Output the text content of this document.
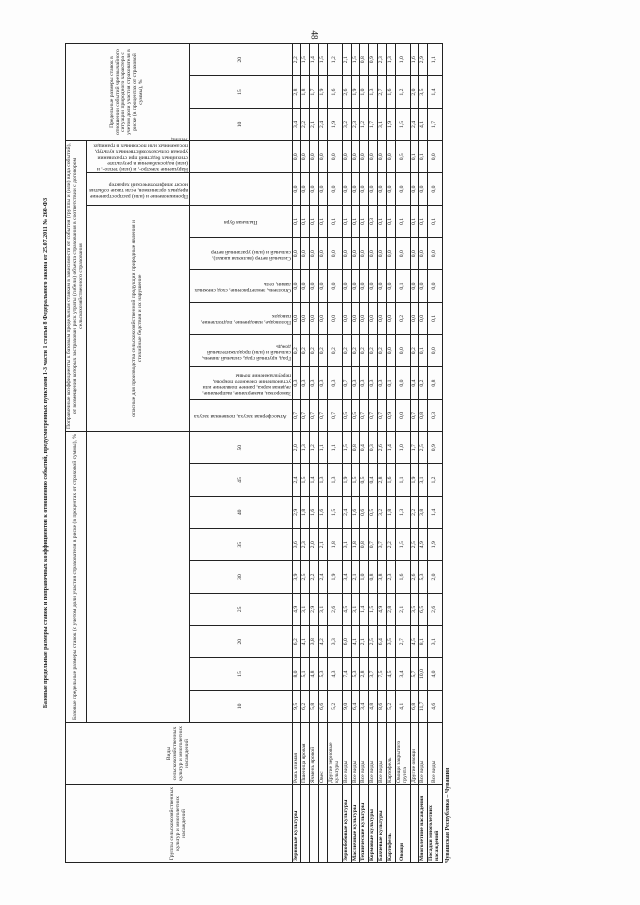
48
Базовые предельные размеры ставок и поправочных коэффициентов к отношению событий, предусмотренных пунктами 1-3 части 1 статьи 8 Федерального закона от 25.07.2011 № 260-ФЗ
Группы сельскохозяйственных культур и многолетних насаждений	Виды сельскохозяйственных культур и многолетних насаждений	Базовые предельные размеры ставок (с учетом доли участия страхователя в риске (в процентах от страховой суммы), %									Поправочные коэффициенты к базовым предельным ставкам в зависимости от события (группы и (или) вида событий), от возмещения которых застрахован риск утраты (гибели) объекта страхования в соответствии с договором сельскохозяйственного страхования									Предельные размеры ставок в отношении событий чрезвычайного ситуации природного характера с учетом доли участия страхователя в риске (в процентах от страховой суммы), %		
											опасные для производства сельскохозяйственной продукции природные явления и стихийные бедствия и их нарушение							Проникновение и (или) распространение вредных организмов, если такие события носят эпифитотический характер	Нарушение электро-, и (или) тепло-, и (или) водоснабжения в результате стихийных бедствий при страховании урожая сельскохозяйственных культур, посаженных или посеянных в границах теплиц			

		10	15	20	25	30	35	40	45	50	Атмосферная засуха, почвенная засуха	Заморозки, вымерзание, выпревание, ледяная корка, раннее появление или установление снежного покрова, переувлажнение почвы	Град, крупный град, сильный ливень, сильный и (или) продолжительный дождь	Половодье, наводнение, подтопление, паводок	Оползень, землетрясение, сход снежных лавин, сель	Сильный ветер (включая шквал), сильный и (или) ураганный ветер	Пыльная буря			10	15	20
Зерновые культуры	Рожь озимая	9,5	8,0	6,2	4,9	3,9	3,6	2,9	2,4	2,0	0,7	0,3	0,2	0,0	0,0	0,0	0,1	0,0	0,0	3,4	2,8	2,2
	Пшеница яровая	6,2	5,1	4,1	3,1	2,5	2,3	1,8	1,5	1,3	0,7	0,3	0,2	0,0	0,0	0,0	0,1	0,0	0,0	2,2	1,8	1,5
	Ячмень яровой	5,8	4,8	3,8	2,9	2,2	2,0	1,6	1,4	1,2	0,7	0,3	0,2	0,0	0,0	0,0	0,1	0,0	0,0	2,1	1,7	1,4
	Овес	6,6	5,3	4,2	3,1	2,4	2,1	1,6	1,3	1,1	0,7	0,3	0,2	0,0	0,0	0,0	0,1	0,0	0,0	2,4	1,9	1,5
	Другие зерновые культуры	5,2	4,3	3,3	2,6	1,9	1,8	1,5	1,3	1,1	0,7	0,3	0,2	0,0	0,0	0,0	0,1	0,0	0,0	1,9	1,6	1,2
Зернобобовые культуры	Все виды	9,0	7,4	6,0	4,5	3,4	3,1	2,4	1,9	1,5	0,5	0,7	0,2	0,0	0,0	0,0	0,1	0,0	0,0	3,2	2,6	2,1
Масличные культуры	Все виды	6,4	5,3	4,1	3,1	2,1	1,8	1,6	1,5	0,8	0,5	0,3	0,2	0,0	0,0	0,0	0,1	0,0	0,0	2,3	1,9	1,5
Технические культуры	Все виды	3,4	2,8	2,1	1,4	1,0	0,8	0,6	0,5	0,4	0,7	0,3	0,2	0,0	0,0	0,0	0,1	0,0	0,0	1,2	1,0	0,8
Кормовые культуры	Все виды	4,8	3,7	2,5	1,5	0,8	0,7	0,5	0,4	0,3	0,7	0,3	0,2	0,0	0,0	0,0	0,3	0,0	0,0	1,7	1,3	0,9
Бахчевые культуры	Все виды	8,6	7,5	6,4	4,9	3,8	3,7	3,2	2,8	2,6	0,7	0,3	0,2	0,0	0,0	0,0	0,1	0,0	0,0	3,1	2,7	2,3
Картофель	Картофель	5,2	4,5	3,5	2,8	2,3	2,2	1,8	1,6	1,4	0,9	0,1	0,0	0,0	0,0	0,0	0,1	0,0	0,0	1,9	1,6	1,3
Овощи	Овощи закрытого грунта	4,1	3,4	2,7	2,1	1,6	1,5	1,3	1,1	1,0	0,0	0,0	0,0	0,2	0,1	0,0	0,1	0,0	0,5	1,5	1,2	1,0
	Другие овощи	6,8	5,7	4,5	3,5	2,6	2,5	2,2	1,9	1,7	0,7	0,4	0,2	0,0	0,0	0,0	0,1	0,0	0,1	2,4	2,0	1,6
Многолетние насаждения	Все виды	11,7	10,0	8,1	6,5	5,3	4,9	3,8	3,1	2,5	0,8	0,2	0,1	0,0	0,0	0,0	0,1	0,0	0,1	4,1	3,5	2,9
Посадки многолетних насаждений	Все виды	4,6	4,0	3,1	2,6	2,0	1,9	1,4	1,2	0,9	0,3	0,8	0,0	0,1	0,0	0,0	0,1	0,0	0,0	1,7	1,4	1,1
Чувашская Республика – Чувашия
